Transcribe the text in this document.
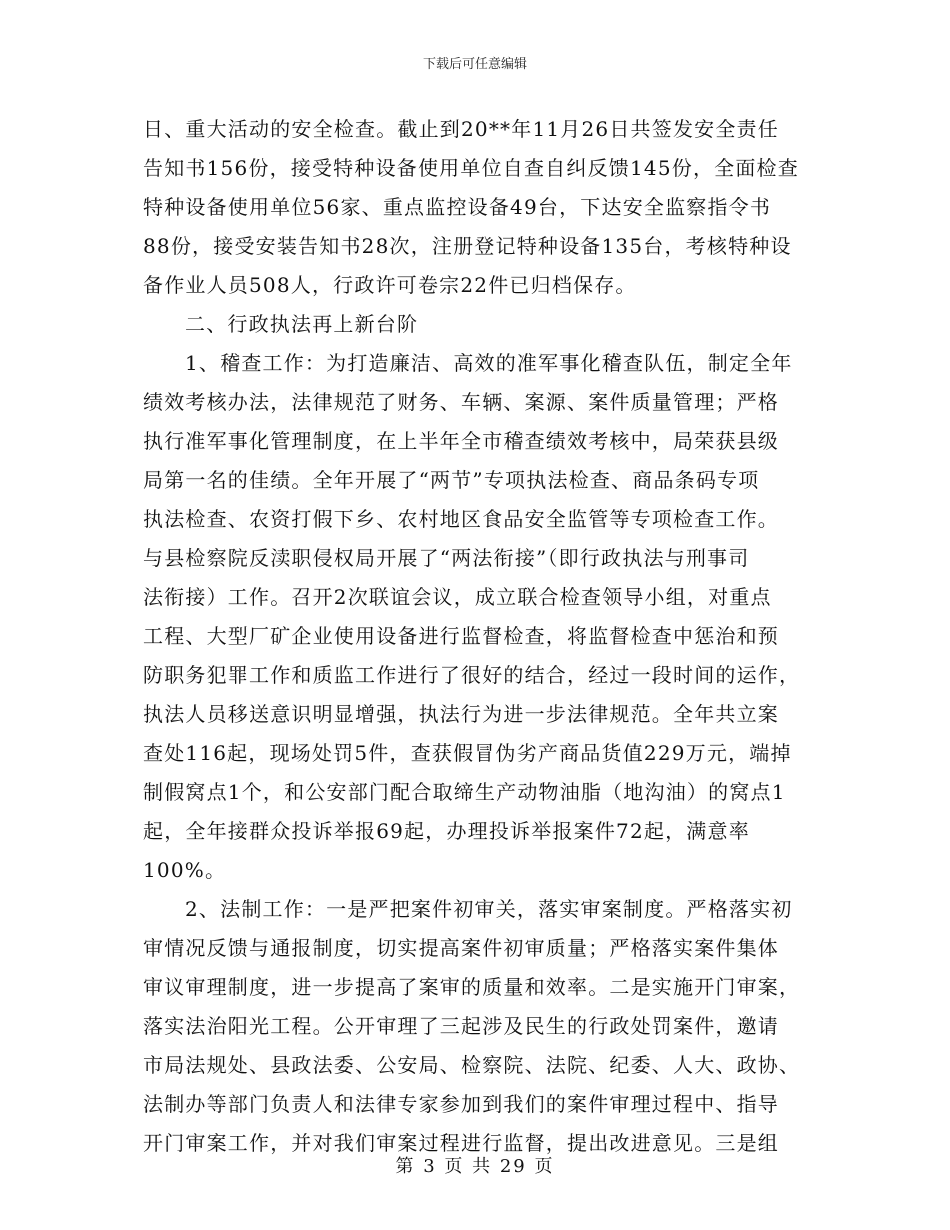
下载后可任意编辑
日、重大活动的安全检查。截止到20**年11月26日共签发安全责任
告知书156份，接受特种设备使用单位自查自纠反馈145份，全面检查
特种设备使用单位56家、重点监控设备49台，下达安全监察指令书
88份，接受安装告知书28次，注册登记特种设备135台，考核特种设
备作业人员508人，行政许可卷宗22件已归档保存。
二、行政执法再上新台阶
1、稽查工作：为打造廉洁、高效的准军事化稽查队伍，制定全年
绩效考核办法，法律规范了财务、车辆、案源、案件质量管理；严格
执行准军事化管理制度，在上半年全市稽查绩效考核中，局荣获县级
局第一名的佳绩。全年开展了“两节”专项执法检查、商品条码专项
执法检查、农资打假下乡、农村地区食品安全监管等专项检查工作。
与县检察院反渎职侵权局开展了“两法衔接”（即行政执法与刑事司
法衔接）工作。召开2次联谊会议，成立联合检查领导小组，对重点
工程、大型厂矿企业使用设备进行监督检查，将监督检查中惩治和预
防职务犯罪工作和质监工作进行了很好的结合，经过一段时间的运作，
执法人员移送意识明显增强，执法行为进一步法律规范。全年共立案
查处116起，现场处罚5件，查获假冒伪劣产商品货值229万元，端掉
制假窝点1个，和公安部门配合取缔生产动物油脂（地沟油）的窝点1
起，全年接群众投诉举报69起，办理投诉举报案件72起，满意率
100%。
2、法制工作：一是严把案件初审关，落实审案制度。严格落实初
审情况反馈与通报制度，切实提高案件初审质量；严格落实案件集体
审议审理制度，进一步提高了案审的质量和效率。二是实施开门审案，
落实法治阳光工程。公开审理了三起涉及民生的行政处罚案件，邀请
市局法规处、县政法委、公安局、检察院、法院、纪委、人大、政协、
法制办等部门负责人和法律专家参加到我们的案件审理过程中、指导
开门审案工作，并对我们审案过程进行监督，提出改进意见。三是组
第 3 页 共 29 页
